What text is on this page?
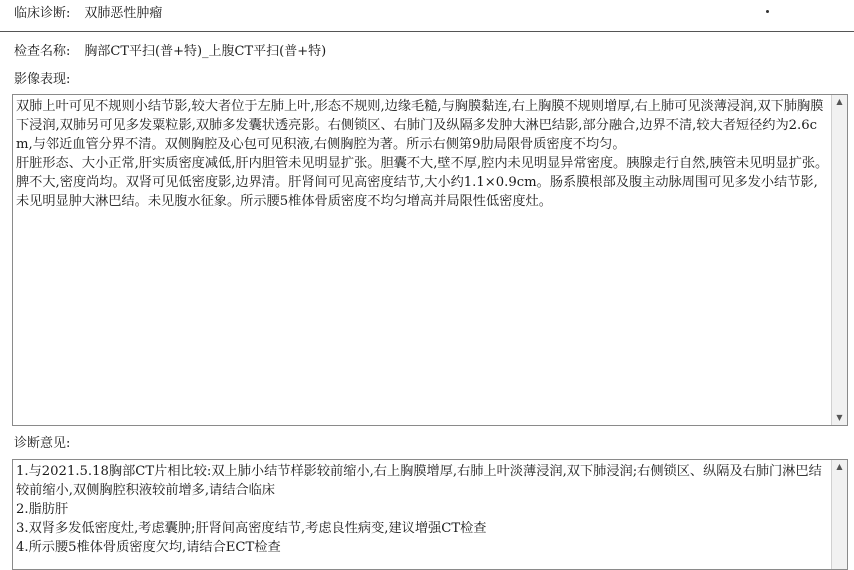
临床诊断: 双肺恶性肿瘤
检查名称: 胸部CT平扫(普+特)_上腹CT平扫(普+特)
影像表现:
双肺上叶可见不规则小结节影,较大者位于左肺上叶,形态不规则,边缘毛糙,与胸膜黏连,右上胸膜不规则增厚,右上肺可见淡薄浸润,双下肺胸膜下浸润,双肺另可见多发粟粒影,双肺多发囊状透亮影。右侧锁区、右肺门及纵隔多发肿大淋巴结影,部分融合,边界不清,较大者短径约为2.6cm,与邻近血管分界不清。双侧胸腔及心包可见积液,右侧胸腔为著。所示右侧第9肋局限骨质密度不均匀。
肝脏形态、大小正常,肝实质密度减低,肝内胆管未见明显扩张。胆囊不大,壁不厚,腔内未见明显异常密度。胰腺走行自然,胰管未见明显扩张。脾不大,密度尚均。双肾可见低密度影,边界清。肝肾间可见高密度结节,大小约1.1×0.9cm。肠系膜根部及腹主动脉周围可见多发小结节影,未见明显肿大淋巴结。未见腹水征象。所示腰5椎体骨质密度不均匀增高并局限性低密度灶。
▲
▼
诊断意见:
1.与2021.5.18胸部CT片相比较:双上肺小结节样影较前缩小,右上胸膜增厚,右肺上叶淡薄浸润,双下肺浸润;右侧锁区、纵隔及右肺门淋巴结较前缩小,双侧胸腔积液较前增多,请结合临床
2.脂肪肝
3.双肾多发低密度灶,考虑囊肿;肝肾间高密度结节,考虑良性病变,建议增强CT检查
4.所示腰5椎体骨质密度欠均,请结合ECT检查
▲
